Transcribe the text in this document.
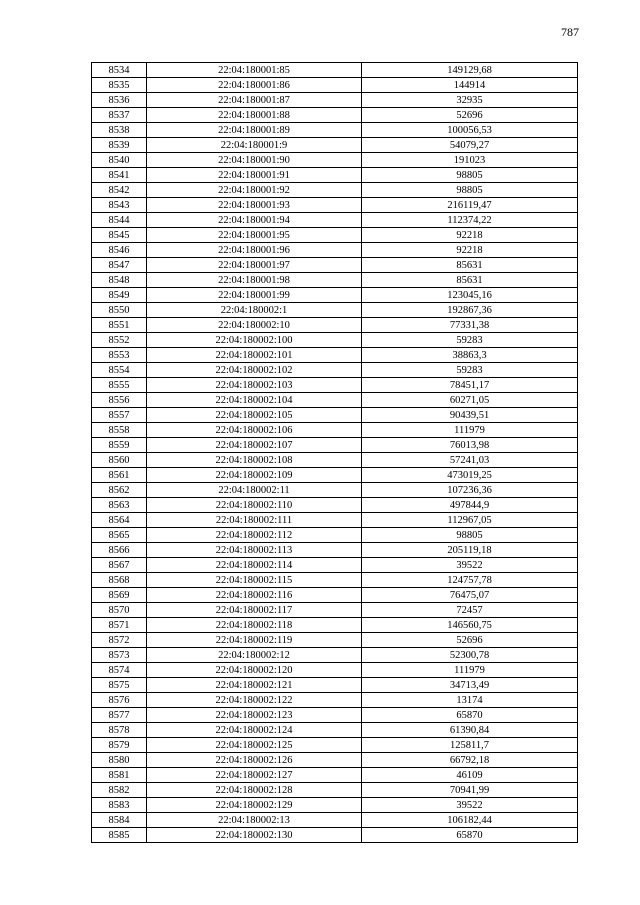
787
8534	22:04:180001:85	149129,68
8535	22:04:180001:86	144914
8536	22:04:180001:87	32935
8537	22:04:180001:88	52696
8538	22:04:180001:89	100056,53
8539	22:04:180001:9	54079,27
8540	22:04:180001:90	191023
8541	22:04:180001:91	98805
8542	22:04:180001:92	98805
8543	22:04:180001:93	216119,47
8544	22:04:180001:94	112374,22
8545	22:04:180001:95	92218
8546	22:04:180001:96	92218
8547	22:04:180001:97	85631
8548	22:04:180001:98	85631
8549	22:04:180001:99	123045,16
8550	22:04:180002:1	192867,36
8551	22:04:180002:10	77331,38
8552	22:04:180002:100	59283
8553	22:04:180002:101	38863,3
8554	22:04:180002:102	59283
8555	22:04:180002:103	78451,17
8556	22:04:180002:104	60271,05
8557	22:04:180002:105	90439,51
8558	22:04:180002:106	111979
8559	22:04:180002:107	76013,98
8560	22:04:180002:108	57241,03
8561	22:04:180002:109	473019,25
8562	22:04:180002:11	107236,36
8563	22:04:180002:110	497844,9
8564	22:04:180002:111	112967,05
8565	22:04:180002:112	98805
8566	22:04:180002:113	205119,18
8567	22:04:180002:114	39522
8568	22:04:180002:115	124757,78
8569	22:04:180002:116	76475,07
8570	22:04:180002:117	72457
8571	22:04:180002:118	146560,75
8572	22:04:180002:119	52696
8573	22:04:180002:12	52300,78
8574	22:04:180002:120	111979
8575	22:04:180002:121	34713,49
8576	22:04:180002:122	13174
8577	22:04:180002:123	65870
8578	22:04:180002:124	61390,84
8579	22:04:180002:125	125811,7
8580	22:04:180002:126	66792,18
8581	22:04:180002:127	46109
8582	22:04:180002:128	70941,99
8583	22:04:180002:129	39522
8584	22:04:180002:13	106182,44
8585	22:04:180002:130	65870
